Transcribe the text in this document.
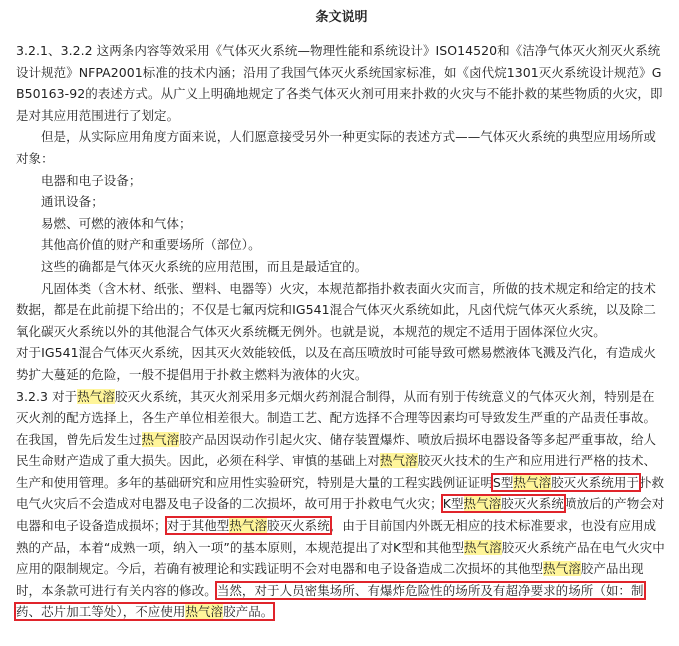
条文说明

3.2.1、3.2.2 这两条内容等效采用《气体灭火系统—物理性能和系统设计》ISO14520和《洁净气体灭火剂灭火系统设计规范》NFPA2001标准的技术内涵；沿用了我国气体灭火系统国家标准，如《卤代烷1301灭火系统设计规范》GB50163-92的表述方式。从广义上明确地规定了各类气体灭火剂可用来扑救的火灾与不能扑救的某些物质的火灾，即是对其应用范围进行了划定。

但是，从实际应用角度方面来说，人们愿意接受另外一种更实际的表述方式——气体灭火系统的典型应用场所或对象：

电器和电子设备；

通讯设备；

易燃、可燃的液体和气体；

其他高价值的财产和重要场所（部位）。

这些的确都是气体灭火系统的应用范围，而且是最适宜的。

凡固体类（含木材、纸张、塑料、电器等）火灾，本规范都指扑救表面火灾而言，所做的技术规定和给定的技术数据，都是在此前提下给出的；不仅是七氟丙烷和IG541混合气体灭火系统如此，凡卤代烷气体灭火系统，以及除二氧化碳灭火系统以外的其他混合气体灭火系统概无例外。也就是说，本规范的规定不适用于固体深位火灾。

对于IG541混合气体灭火系统，因其灭火效能较低，以及在高压喷放时可能导致可燃易燃液体飞溅及汽化，有造成火势扩大蔓延的危险，一般不提倡用于扑救主燃料为液体的火灾。

3.2.3 对于热气溶胶灭火系统，其灭火剂采用多元烟火药剂混合制得，从而有别于传统意义的气体灭火剂，特别是在灭火剂的配方选择上，各生产单位相差很大。制造工艺、配方选择不合理等因素均可导致发生严重的产品责任事故。在我国，曾先后发生过热气溶胶产品因误动作引起火灾、储存装置爆炸、喷放后损坏电器设备等多起严重事故，给人民生命财产造成了重大损失。因此，必须在科学、审慎的基础上对热气溶胶灭火技术的生产和应用进行严格的技术、生产和使用管理。多年的基础研究和应用性实验研究，特别是大量的工程实践例证证明S型热气溶胶灭火系统用于扑救电气火灾后不会造成对电器及电子设备的二次损坏，故可用于扑救电气火灾；K型热气溶胶灭火系统喷放后的产物会对电器和电子设备造成损坏；对于其他型热气溶胶灭火系统，由于目前国内外既无相应的技术标准要求，也没有应用成熟的产品，本着“成熟一项，纳入一项”的基本原则，本规范提出了对K型和其他型热气溶胶灭火系统产品在电气火灾中应用的限制规定。今后，若确有被理论和实践证明不会对电器和电子设备造成二次损坏的其他型热气溶胶产品出现时，本条款可进行有关内容的修改。当然，对于人员密集场所、有爆炸危险性的场所及有超净要求的场所（如：制药、芯片加工等处），不应使用热气溶胶产品。
